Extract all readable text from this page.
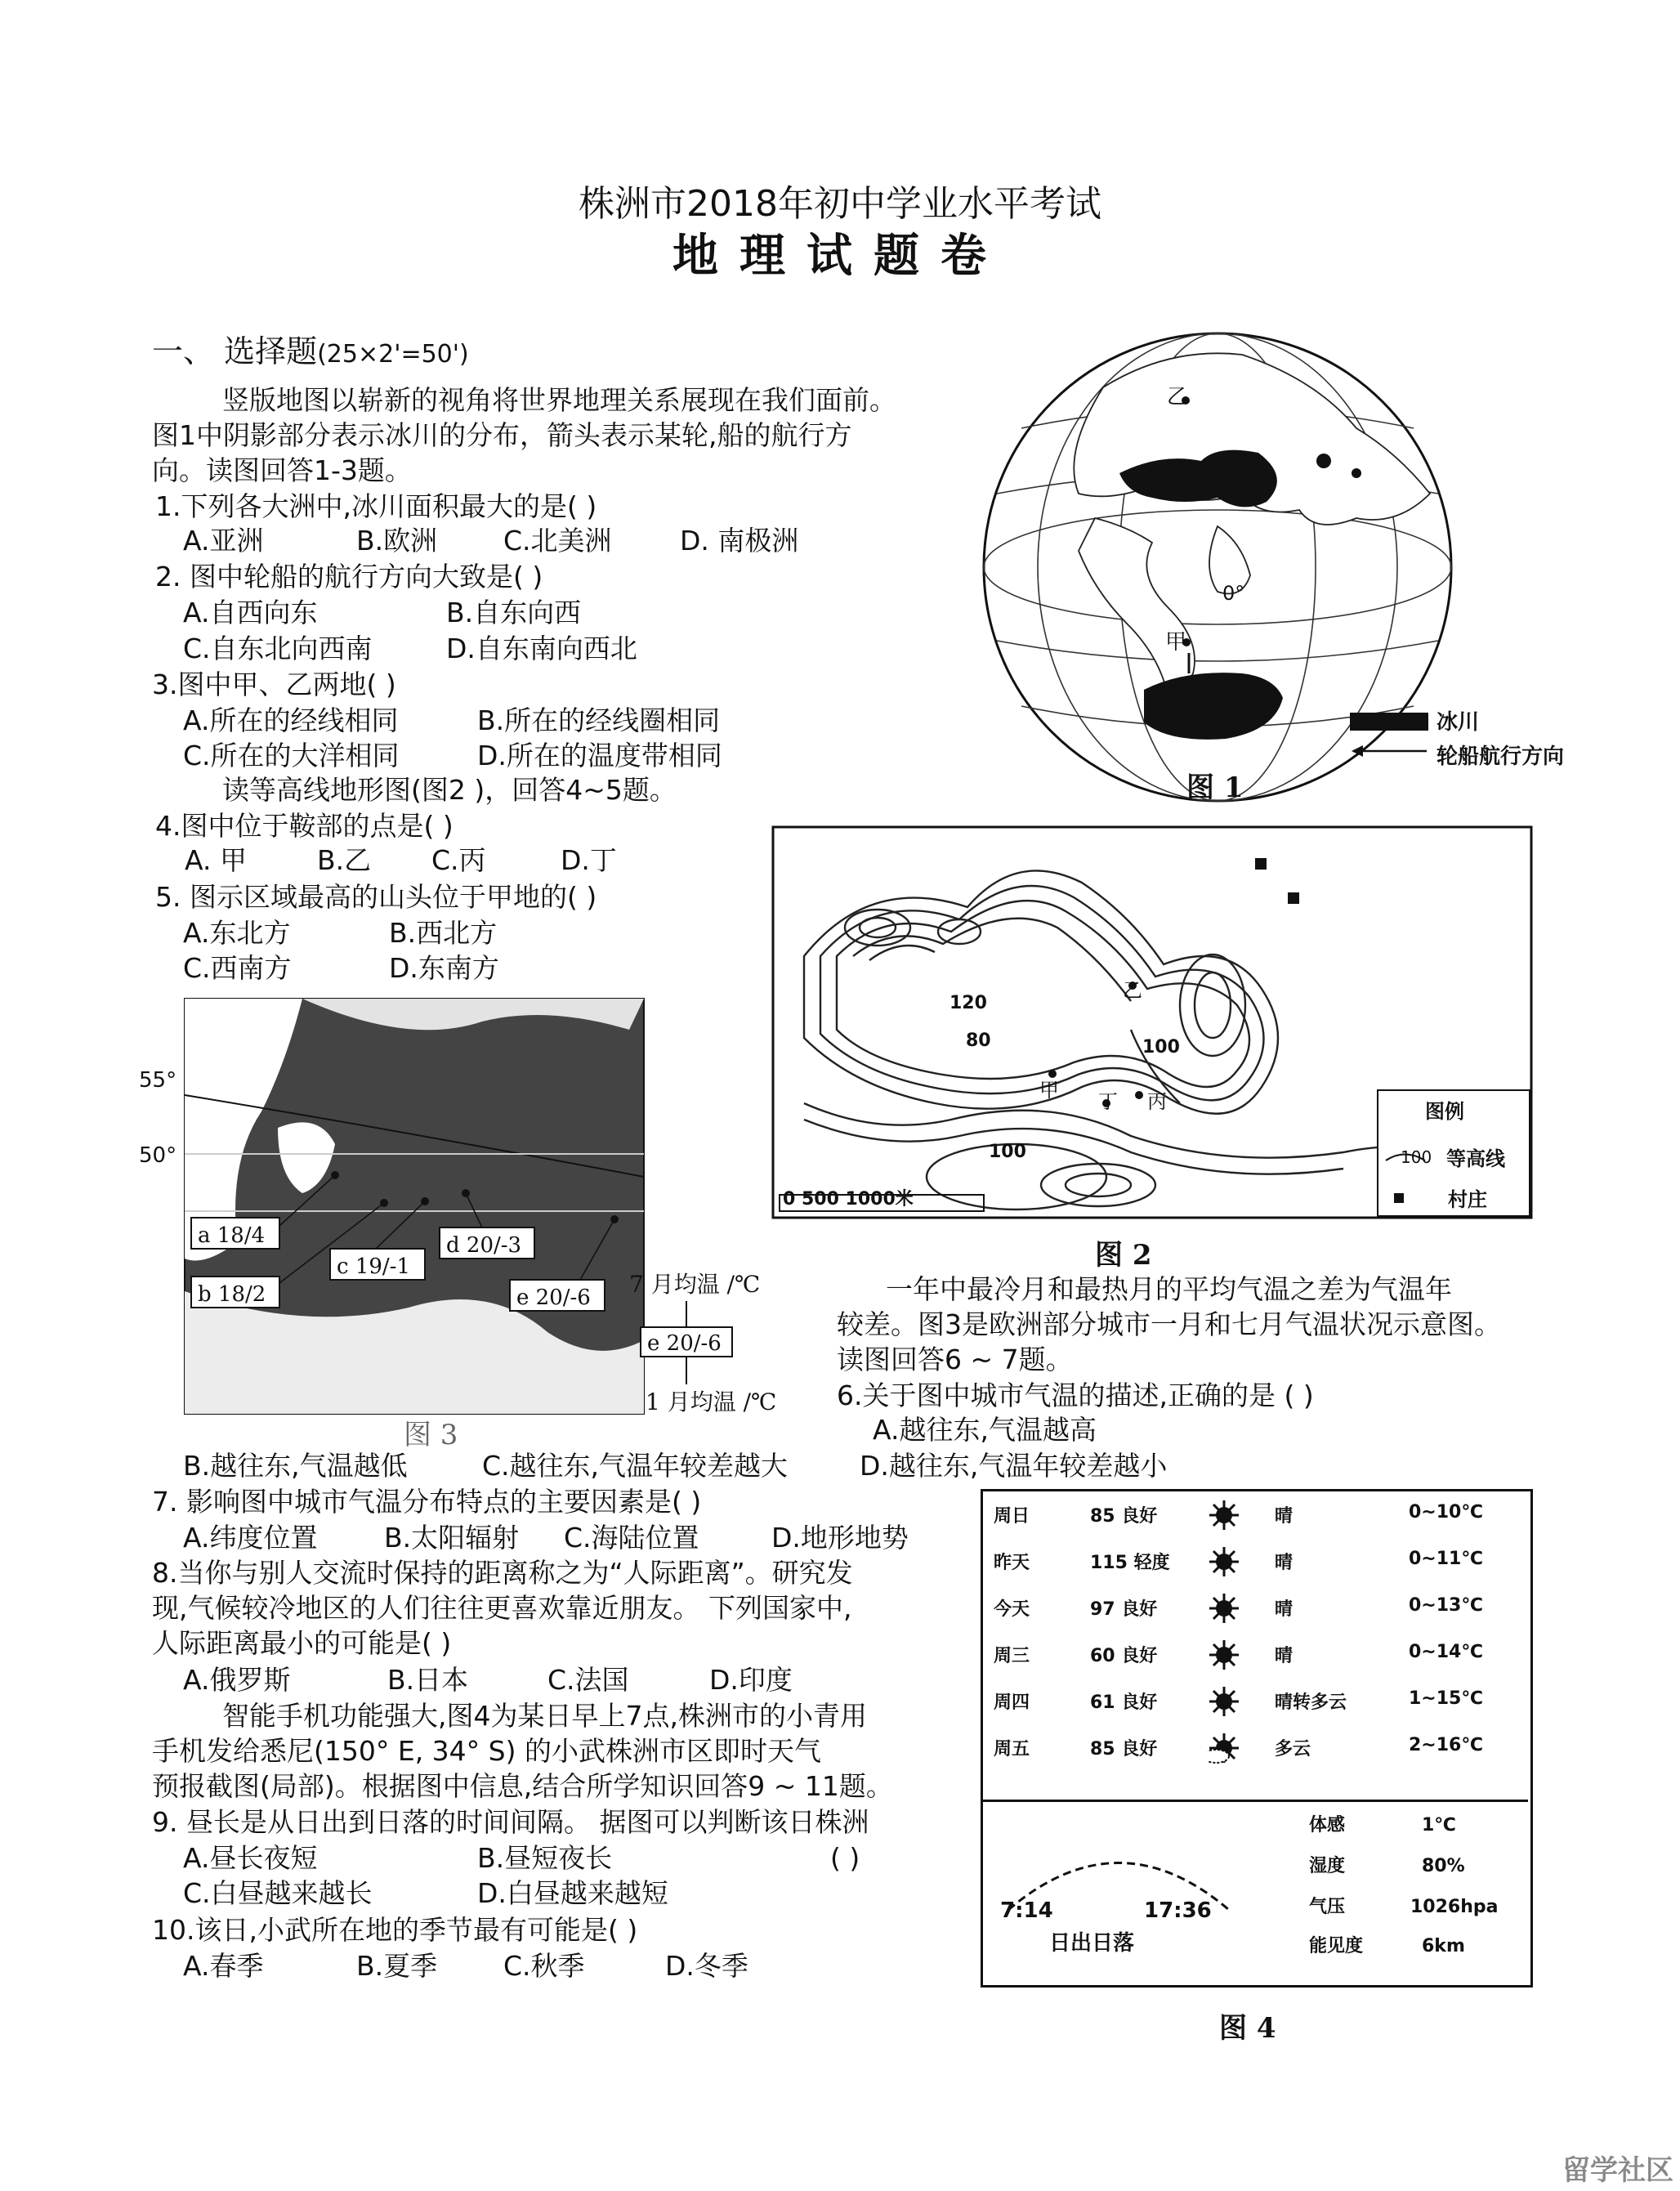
株洲市2018年初中学业水平考试
地理试题卷
一、 选择题(25×2'=50')
竖版地图以崭新的视角将世界地理关系展现在我们面前。
图1中阴影部分表示冰川的分布，箭头表示某轮,船的航行方
向。读图回答1-3题。
1.下列各大洲中,冰川面积最大的是( )
A.亚洲	B.欧洲 C.北美洲	D. 南极洲
2. 图中轮船的航行方向大致是( )
A.自西向东	B.自东向西
C.自东北向西南	D.自东南向西北
3.图中甲、乙两地( )
A.所在的经线相同	B.所在的经线圈相同
C.所在的大洋相同	D.所在的温度带相同
读等高线地形图(图2 )，回答4~5题。
4.图中位于鞍部的点是( )
A. 甲	B.乙 C.丙	D.丁
5. 图示区域最高的山头位于甲地的( )
A.东北方	B.西北方
C.西南方	D.东南方
乙
甲
0°
冰川
轮船航行方向
图 1
120
80	100
100
甲
乙
丙
丁	图例
100 等高线
村庄
0 500 1000米
图 2
大
西
洋
55°
50°
a 18/4
b 18/2
c 19/-1
d 20/-3
e 20/-6
e 20/-6
7 月均温 /℃
1 月均温 /℃
图 3
一年中最冷月和最热月的平均气温之差为气温年
较差。图3是欧洲部分城市一月和七月气温状况示意图。
读图回答6 ~ 7题。
6.关于图中城市气温的描述,正确的是 ( )
A.越往东,气温越高
B.越往东,气温越低	C.越往东,气温年较差越大	D.越往东,气温年较差越小
7. 影响图中城市气温分布特点的主要因素是( )
A.纬度位置 B.太阳辐射 C.海陆位置	D.地形地势
8.当你与别人交流时保持的距离称之为“人际距离”。研究发
现,气候较冷地区的人们往往更喜欢靠近朋友。 下列国家中,
人际距离最小的可能是( )
A.俄罗斯	B.日本	C.法国	D.印度
智能手机功能强大,图4为某日早上7点,株洲市的小青用
手机发给悉尼(150° E, 34° S) 的小武株洲市区即时天气
预报截图(局部)。根据图中信息,结合所学知识回答9 ~ 11题。
9. 昼长是从日出到日落的时间间隔。 据图可以判断该日株洲
A.昼长夜短	B.昼短夜长	( )
C.白昼越来越长	D.白昼越来越短
10.该日,小武所在地的季节最有可能是( )
A.春季	B.夏季 C.秋季	D.冬季
周日	85 良好	晴	0~10℃
昨天	115 轻度	晴	0~11℃
今天	97 良好	晴	0~13℃
周三	60 良好	晴	0~14℃
周四	61 良好	晴转多云	1~15℃
周五	85 良好	多云	2~16℃
7:14	17:36
日出日落
体感	1℃
湿度	80%
气压	1026hpa
能见度	6km
图 4
留学社区
